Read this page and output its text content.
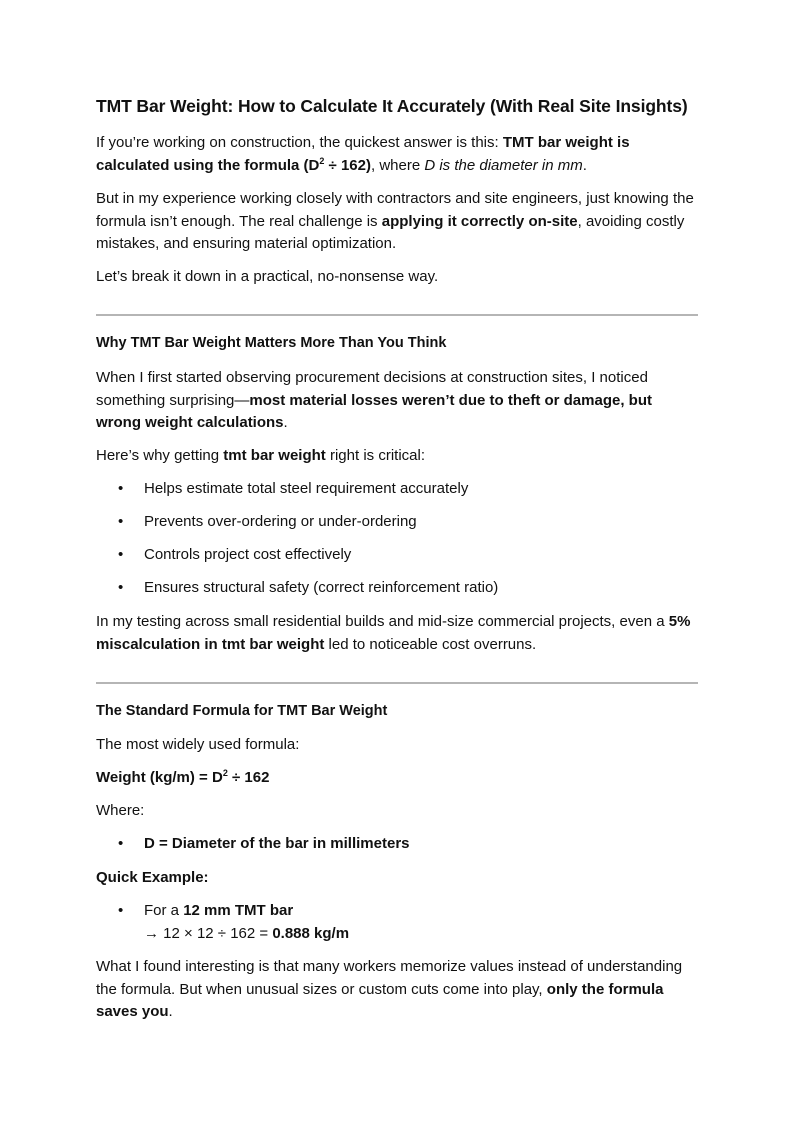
TMT Bar Weight: How to Calculate It Accurately (With Real Site Insights)

If you’re working on construction, the quickest answer is this: TMT bar weight is calculated using the formula $(D^2 \div 162)$, where D is the diameter in mm.

But in my experience working closely with contractors and site engineers, just knowing the formula isn’t enough. The real challenge is applying it correctly on-site, avoiding costly mistakes, and ensuring material optimization.

Let’s break it down in a practical, no-nonsense way.

Why TMT Bar Weight Matters More Than You Think

When I first started observing procurement decisions at construction sites, I noticed something surprising—most material losses weren’t due to theft or damage, but wrong weight calculations.

Here’s why getting tmt bar weight right is critical:

• Helps estimate total steel requirement accurately
• Prevents over-ordering or under-ordering
• Controls project cost effectively
• Ensures structural safety (correct reinforcement ratio)

In my testing across small residential builds and mid-size commercial projects, even a 5% miscalculation in tmt bar weight led to noticeable cost overruns.

The Standard Formula for TMT Bar Weight

The most widely used formula:

Weight $(kg/m) = D^2 \div 162$

Where:

• D = Diameter of the bar in millimeters

Quick Example:

• For a 12 mm TMT bar
→ 12 × 12 ÷ 162 = 0.888 kg/m

What I found interesting is that many workers memorize values instead of understanding the formula. But when unusual sizes or custom cuts come into play, only the formula saves you.
